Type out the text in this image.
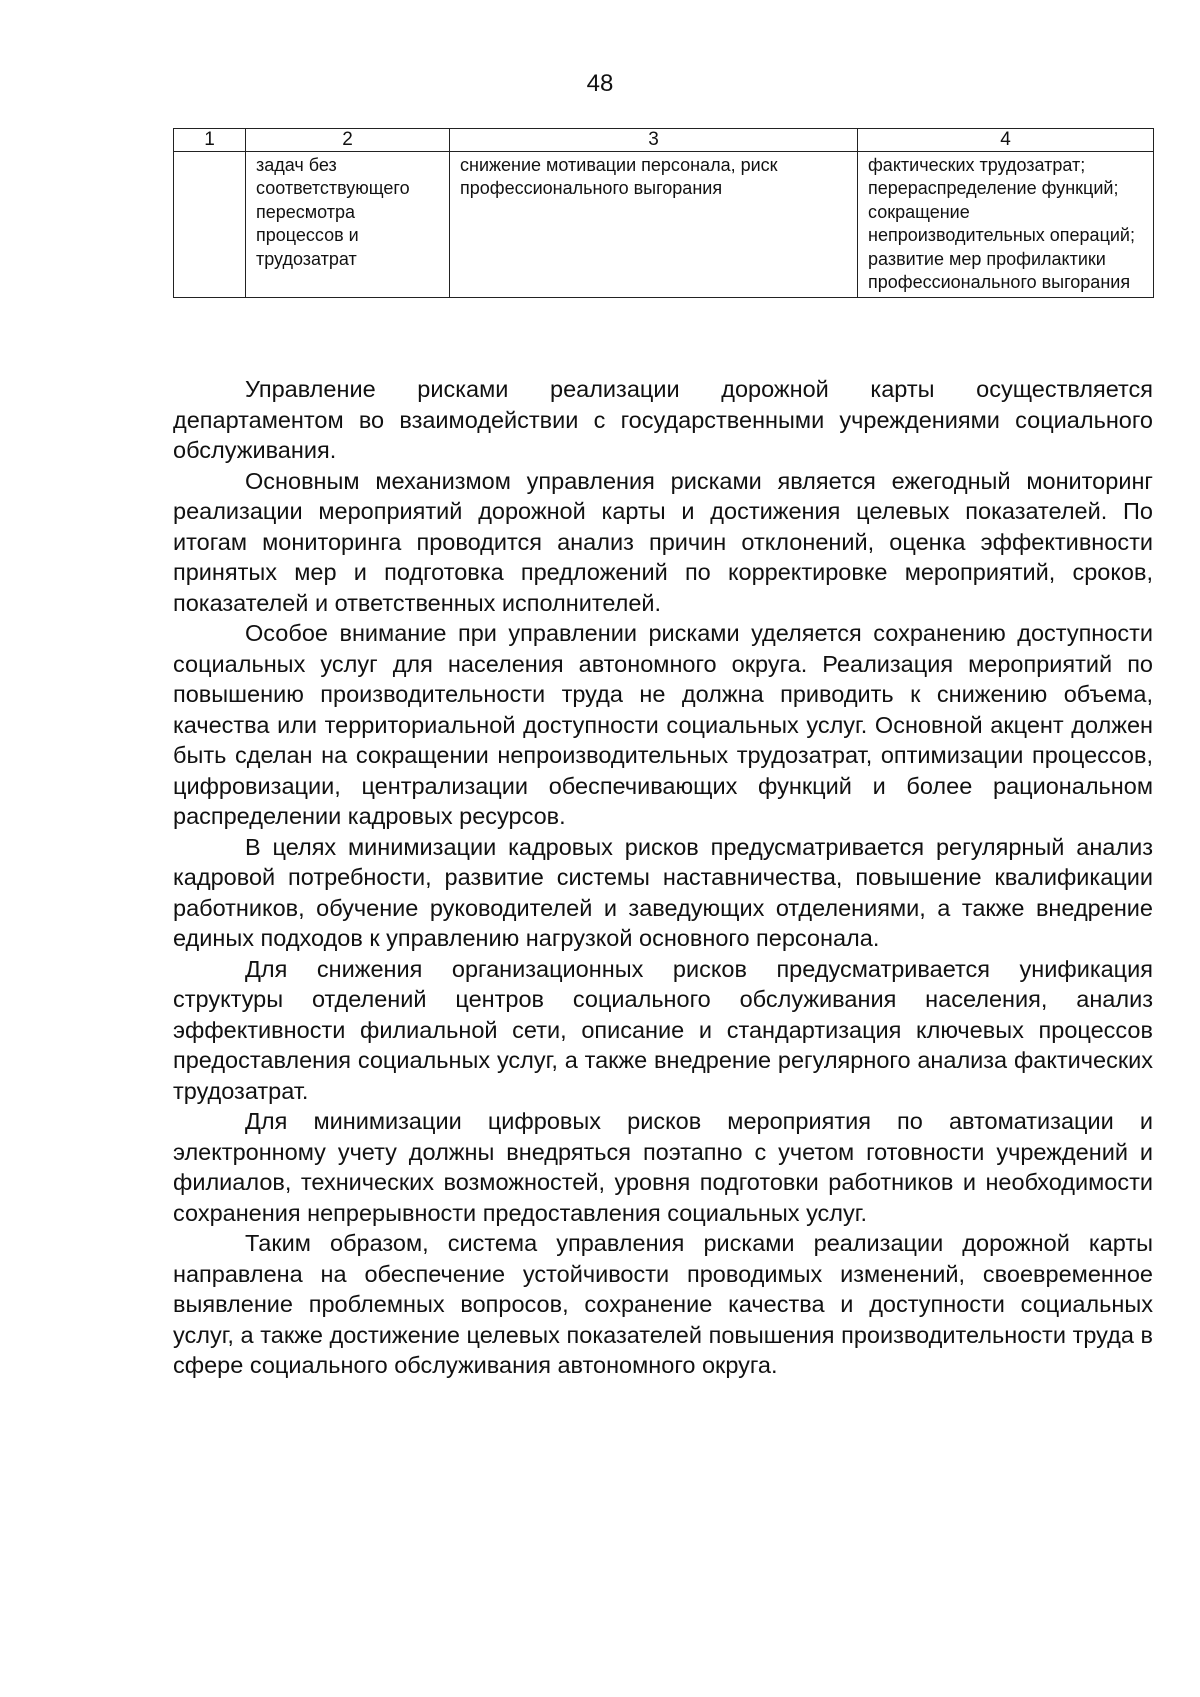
48
1	2	3	4
	задач без соответствующего пересмотра процессов и трудозатрат	снижение мотивации персонала, риск профессионального выгорания	фактических трудозатрат; перераспределение функций; сокращение непроизводительных операций; развитие мер профилактики профессионального выгорания

Управление рисками реализации дорожной карты осуществляется департаментом во взаимодействии с государственными учреждениями социального обслуживания.

Основным механизмом управления рисками является ежегодный мониторинг реализации мероприятий дорожной карты и достижения целевых показателей. По итогам мониторинга проводится анализ причин отклонений, оценка эффективности принятых мер и подготовка предложений по корректировке мероприятий, сроков, показателей и ответственных исполнителей.

Особое внимание при управлении рисками уделяется сохранению доступности социальных услуг для населения автономного округа. Реализация мероприятий по повышению производительности труда не должна приводить к снижению объема, качества или территориальной доступности социальных услуг. Основной акцент должен быть сделан на сокращении непроизводительных трудозатрат, оптимизации процессов, цифровизации, централизации обеспечивающих функций и более рациональном распределении кадровых ресурсов.

В целях минимизации кадровых рисков предусматривается регулярный анализ кадровой потребности, развитие системы наставничества, повышение квалификации работников, обучение руководителей и заведующих отделениями, а также внедрение единых подходов к управлению нагрузкой основного персонала.

Для снижения организационных рисков предусматривается унификация структуры отделений центров социального обслуживания населения, анализ эффективности филиальной сети, описание и стандартизация ключевых процессов предоставления социальных услуг, а также внедрение регулярного анализа фактических трудозатрат.

Для минимизации цифровых рисков мероприятия по автоматизации и электронному учету должны внедряться поэтапно с учетом готовности учреждений и филиалов, технических возможностей, уровня подготовки работников и необходимости сохранения непрерывности предоставления социальных услуг.

Таким образом, система управления рисками реализации дорожной карты направлена на обеспечение устойчивости проводимых изменений, своевременное выявление проблемных вопросов, сохранение качества и доступности социальных услуг, а также достижение целевых показателей повышения производительности труда в сфере социального обслуживания автономного округа.
